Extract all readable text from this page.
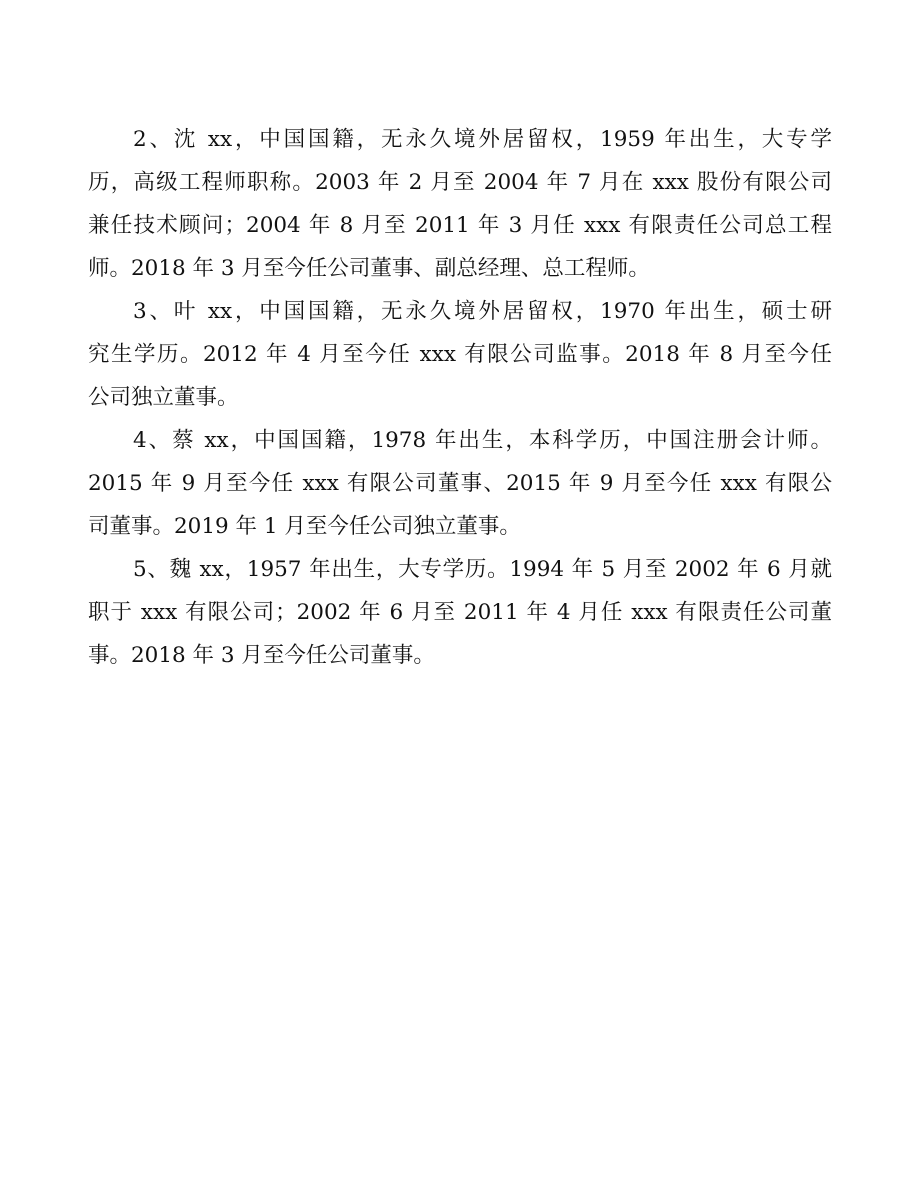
2、沈 xx，中国国籍，无永久境外居留权，1959 年出生，大专学
历，高级工程师职称。2003 年 2 月至 2004 年 7 月在 xxx 股份有限公司
兼任技术顾问；2004 年 8 月至 2011 年 3 月任 xxx 有限责任公司总工程
师。2018 年 3 月至今任公司董事、副总经理、总工程师。

3、叶 xx，中国国籍，无永久境外居留权，1970 年出生，硕士研
究生学历。2012 年 4 月至今任 xxx 有限公司监事。2018 年 8 月至今任
公司独立董事。

4、蔡 xx，中国国籍，1978 年出生，本科学历，中国注册会计师。
2015 年 9 月至今任 xxx 有限公司董事、2015 年 9 月至今任 xxx 有限公
司董事。2019 年 1 月至今任公司独立董事。

5、魏 xx，1957 年出生，大专学历。1994 年 5 月至 2002 年 6 月就
职于 xxx 有限公司；2002 年 6 月至 2011 年 4 月任 xxx 有限责任公司董
事。2018 年 3 月至今任公司董事。
